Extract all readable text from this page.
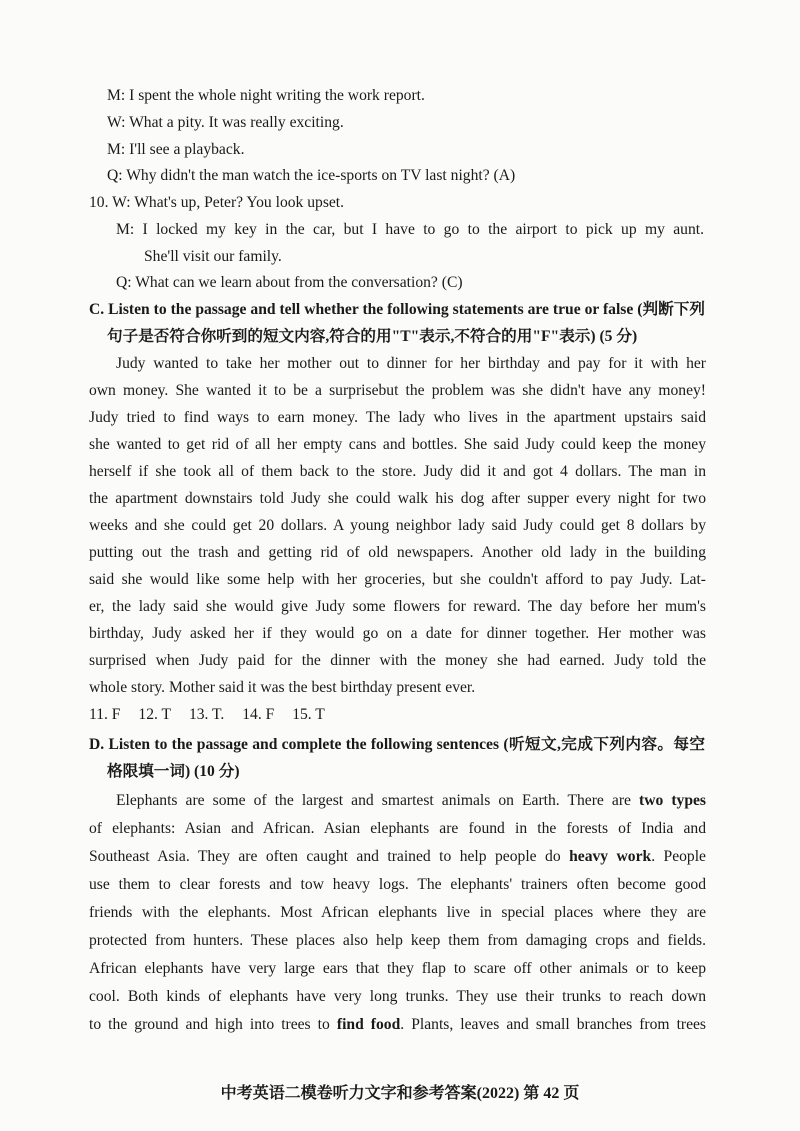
M: I spent the whole night writing the work report.
W: What a pity. It was really exciting.
M: I'll see a playback.
Q: Why didn't the man watch the ice-sports on TV last night? (A)
10. W: What's up, Peter? You look upset.
M: I locked my key in the car, but I have to go to the airport to pick up my aunt.
She'll visit our family.
Q: What can we learn about from the conversation? (C)
C. Listen to the passage and tell whether the following statements are true or false (判断下列
句子是否符合你听到的短文内容,符合的用"T"表示,不符合的用"F"表示) (5 分)
Judy wanted to take her mother out to dinner for her birthday and pay for it with her
own money. She wanted it to be a surprisebut the problem was she didn't have any money!
Judy tried to find ways to earn money. The lady who lives in the apartment upstairs said
she wanted to get rid of all her empty cans and bottles. She said Judy could keep the money
herself if she took all of them back to the store. Judy did it and got 4 dollars. The man in
the apartment downstairs told Judy she could walk his dog after supper every night for two
weeks and she could get 20 dollars. A young neighbor lady said Judy could get 8 dollars by
putting out the trash and getting rid of old newspapers. Another old lady in the building
said she would like some help with her groceries, but she couldn't afford to pay Judy. Lat-
er, the lady said she would give Judy some flowers for reward. The day before her mum's
birthday, Judy asked her if they would go on a date for dinner together. Her mother was
surprised when Judy paid for the dinner with the money she had earned. Judy told the
whole story. Mother said it was the best birthday present ever.
11. F 12. T 13. T. 14. F 15. T
D. Listen to the passage and complete the following sentences (听短文,完成下列内容。每空
格限填一词) (10 分)
Elephants are some of the largest and smartest animals on Earth. There are two types
of elephants: Asian and African. Asian elephants are found in the forests of India and
Southeast Asia. They are often caught and trained to help people do heavy work. People
use them to clear forests and tow heavy logs. The elephants' trainers often become good
friends with the elephants. Most African elephants live in special places where they are
protected from hunters. These places also help keep them from damaging crops and fields.
African elephants have very large ears that they flap to scare off other animals or to keep
cool. Both kinds of elephants have very long trunks. They use their trunks to reach down
to the ground and high into trees to find food. Plants, leaves and small branches from trees
中考英语二模卷听力文字和参考答案(2022) 第 42 页
